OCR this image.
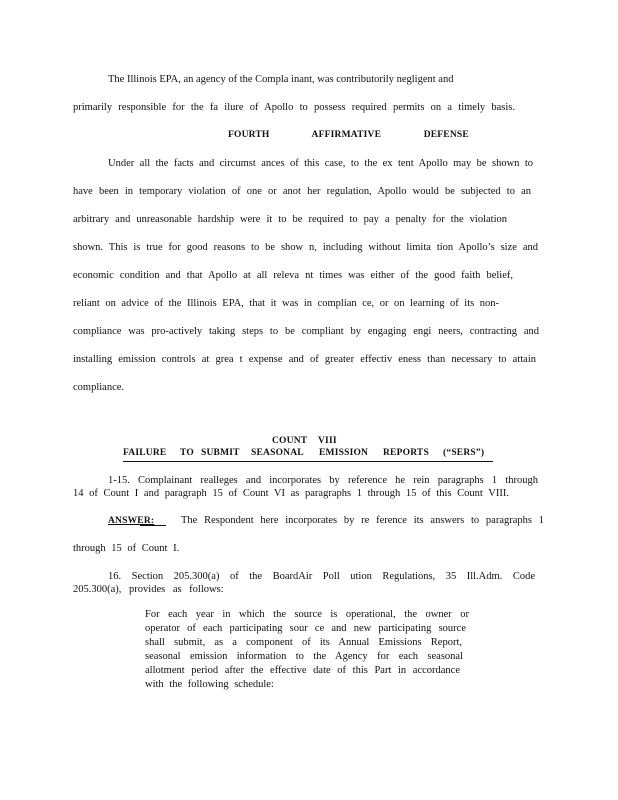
The Illinois EPA, an agency of the Compla inant, was contributorily negligent and
primarily responsible for the fa ilure of Apollo to possess required permits on a timely basis.
FOURTH AFFIRMATIVE DEFENSE
Under all the facts and circumst ances of this case, to the ex tent Apollo may be shown to
have been in temporary violation of one or anot her regulation, Apollo would be subjected to an
arbitrary and unreasonable hardship were it to be required to pay a penalty for the violation
shown. This is true for good reasons to be show n, including without limita tion Apollo’s size and
economic condition and that Apollo at all releva nt times was either of the good faith belief,
reliant on advice of the Illinois EPA, that it was in complian ce, or on learning of its non-
compliance was pro-actively taking steps to be compliant by engaging engi neers, contracting and
installing emission controls at grea t expense and of greater effectiv eness than necessary to attain
compliance.
COUNT VIII
FAILURE TO SUBMIT SEASONAL EMISSION REPORTS (“SERS”)
1-15. Complainant realleges and incorporates by reference he rein paragraphs 1 through
14 of Count I and paragraph 15 of Count VI as paragraphs 1 through 15 of this Count VIII.
ANSWER:	The Respondent here incorporates by re ference its answers to paragraphs 1
through 15 of Count I.
16. Section 205.300(a) of the BoardAir Poll ution Regulations, 35 Ill.Adm. Code
205.300(a), provides as follows:
For each year in which the source is operational, the owner or
operator of each participating sour ce and new participating source
shall submit, as a component of its Annual Emissions Report,
seasonal emission information to the Agency for each seasonal
allotment period after the effective date of this Part in accordance
with the following schedule:
